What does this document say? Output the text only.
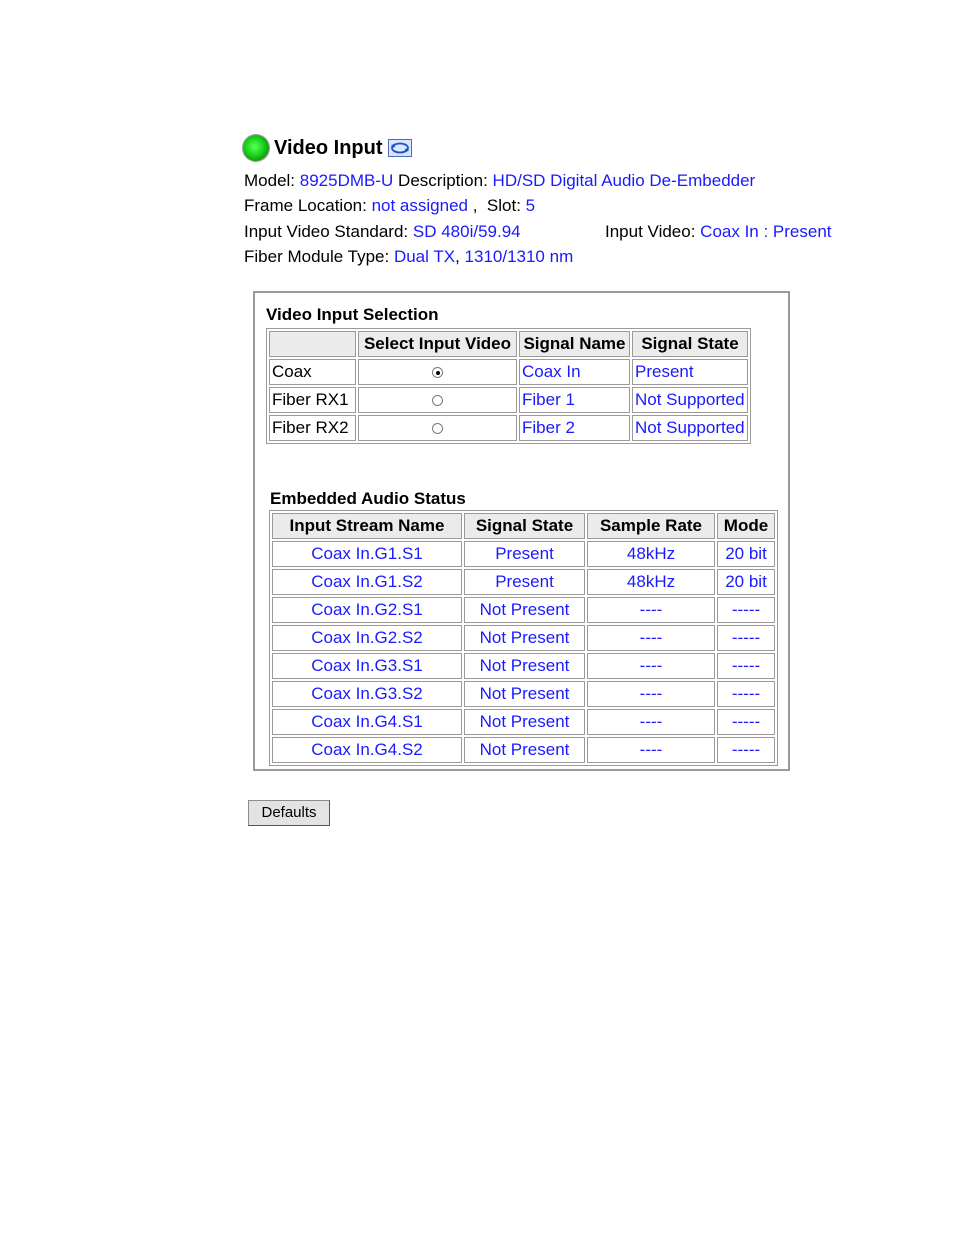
Video Input
Model: 8925DMB-U Description: HD/SD Digital Audio De-Embedder
Frame Location: not assigned , Slot: 5
Input Video Standard: SD 480i/59.94	Input Video: Coax In : Present
Fiber Module Type: Dual TX, 1310/1310 nm
Video Input Selection
	Select Input Video	Signal Name	Signal State
Coax		Coax In	Present
Fiber RX1		Fiber 1	Not Supported
Fiber RX2		Fiber 2	Not Supported
Embedded Audio Status
Input Stream Name	Signal State	Sample Rate	Mode
Coax In.G1.S1	Present	48kHz	20 bit
Coax In.G1.S2	Present	48kHz	20 bit
Coax In.G2.S1	Not Present	----	-----
Coax In.G2.S2	Not Present	----	-----
Coax In.G3.S1	Not Present	----	-----
Coax In.G3.S2	Not Present	----	-----
Coax In.G4.S1	Not Present	----	-----
Coax In.G4.S2	Not Present	----	-----
Defaults
